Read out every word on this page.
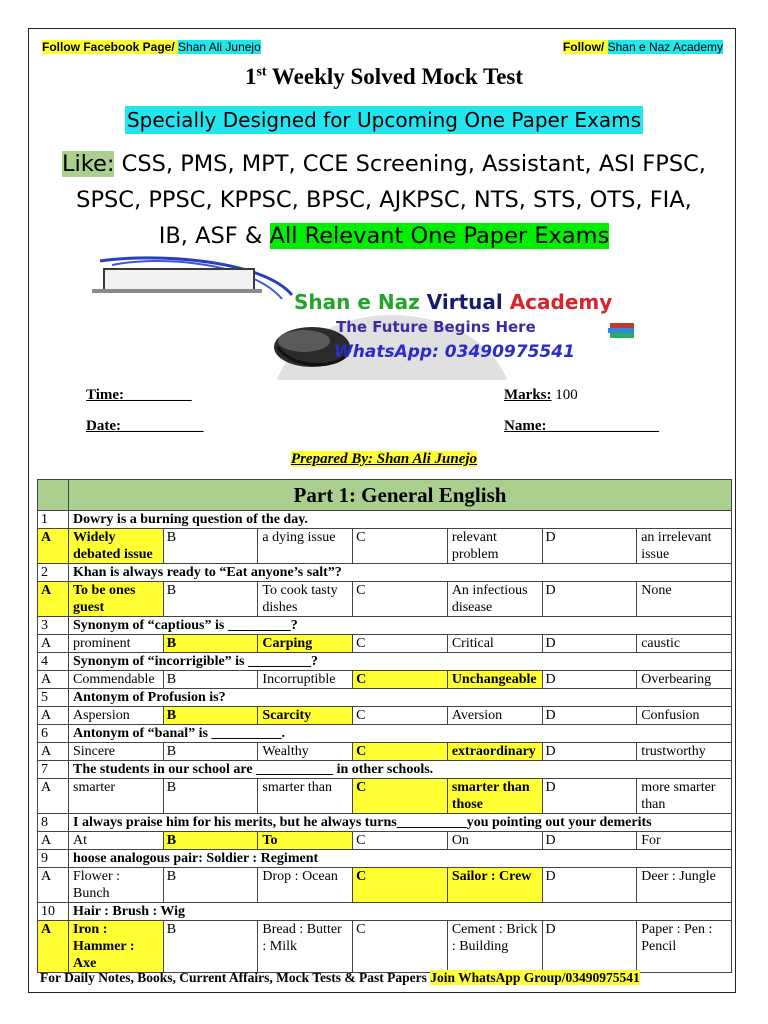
Follow Facebook Page/ Shan Ali Junejo	Follow/ Shan e Naz Academy
1st Weekly Solved Mock Test
Specially Designed for Upcoming One Paper Exams
Like: CSS, PMS, MPT, CCE Screening, Assistant, ASI FPSC, SPSC, PPSC, KPPSC, BPSC, AJKPSC, NTS, STS, OTS, FIA, IB, ASF & All Relevant One Paper Exams
Shan e Naz Virtual Academy
The Future Begins Here
WhatsApp: 03490975541
Time:_________	Marks: 100
Date:___________	Name:_______________
Prepared By: Shan Ali Junejo

	Part 1: General English						

1	Dowry is a burning question of the day.						
A	Widely debated issue	B	a dying issue	C	relevant problem	D	an irrelevant issue
2	Khan is always ready to “Eat anyone’s salt”?						
A	To be ones guest	B	To cook tasty dishes	C	An infectious disease	D	None
3	Synonym of “captious” is _________?						
A	prominent	B	Carping	C	Critical	D	caustic
4	Synonym of “incorrigible” is _________?						
A	Commendable	B	Incorruptible	C	Unchangeable	D	Overbearing
5	Antonym of Profusion is?						
A	Aspersion	B	Scarcity	C	Aversion	D	Confusion
6	Antonym of “banal” is __________.						
A	Sincere	B	Wealthy	C	extraordinary	D	trustworthy
7	The students in our school are ___________ in other schools.						
A	smarter	B	smarter than	C	smarter than those	D	more smarter than
8	I always praise him for his merits, but he always turns__________you pointing out your demerits						
A	At	B	To	C	On	D	For
9	hoose analogous pair: Soldier : Regiment						
A	Flower : Bunch	B	Drop : Ocean	C	Sailor : Crew	D	Deer : Jungle
10	Hair : Brush : Wig						
A	Iron : Hammer : Axe	B	Bread : Butter : Milk	C	Cement : Brick : Building	D	Paper : Pen : Pencil
For Daily Notes, Books, Current Affairs, Mock Tests & Past Papers Join WhatsApp Group/03490975541
